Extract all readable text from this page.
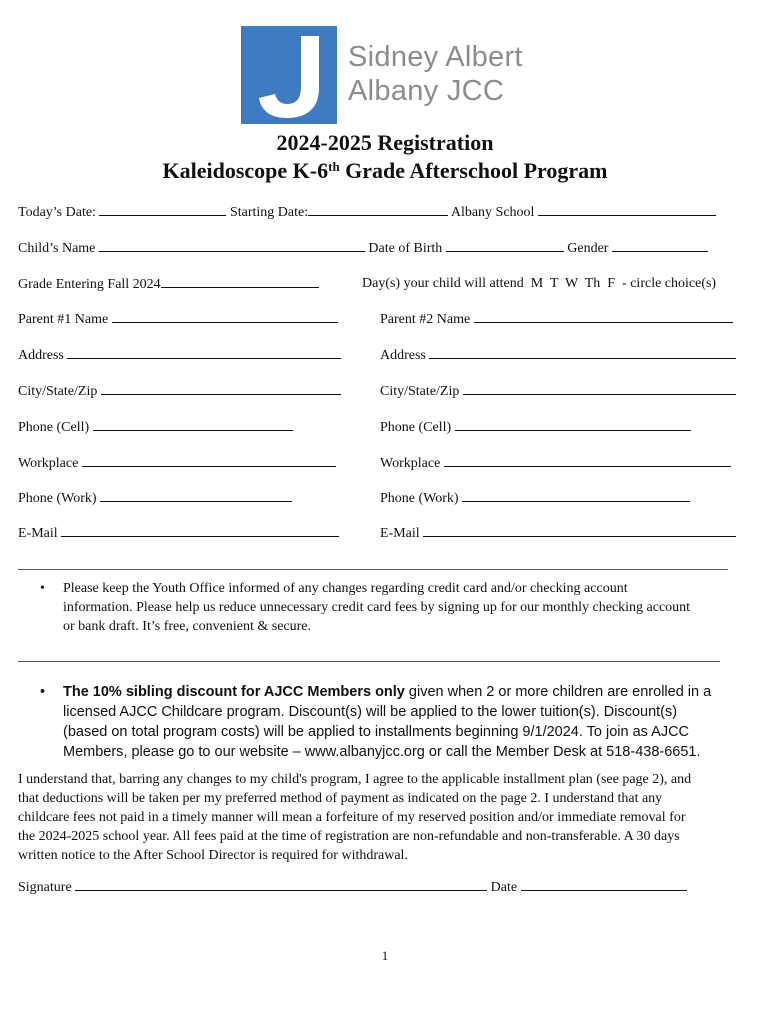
Sidney Albert
Albany JCC
2024-2025 Registration
Kaleidoscope K-6th Grade Afterschool Program
Today’s Date:	Starting Date:	Albany School
Child’s Name	Date of Birth	Gender
Grade Entering Fall 2024	Day(s) your child will attend M  T  W  Th  F - circle choice(s)
Parent #1 Name	Parent #2 Name
Address	Address
City/State/Zip	City/State/Zip
Phone (Cell)	Phone (Cell)
Workplace	Workplace
Phone (Work)	Phone (Work)
E-Mail	E-Mail
• Please keep the Youth Office informed of any changes regarding credit card and/or checking account
information. Please help us reduce unnecessary credit card fees by signing up for our monthly checking account
or bank draft. It’s free, convenient & secure.
• The 10% sibling discount for AJCC Members only given when 2 or more children are enrolled in a
licensed AJCC Childcare program. Discount(s) will be applied to the lower tuition(s). Discount(s)
(based on total program costs) will be applied to installments beginning 9/1/2024. To join as AJCC
Members, please go to our website – www.albanyjcc.org or call the Member Desk at 518-438-6651.
I understand that, barring any changes to my child's program, I agree to the applicable installment plan (see page 2), and
that deductions will be taken per my preferred method of payment as indicated on the page 2. I understand that any
childcare fees not paid in a timely manner will mean a forfeiture of my reserved position and/or immediate removal for
the 2024-2025 school year. All fees paid at the time of registration are non-refundable and non-transferable. A 30 days
written notice to the After School Director is required for withdrawal.
Signature	Date
1
